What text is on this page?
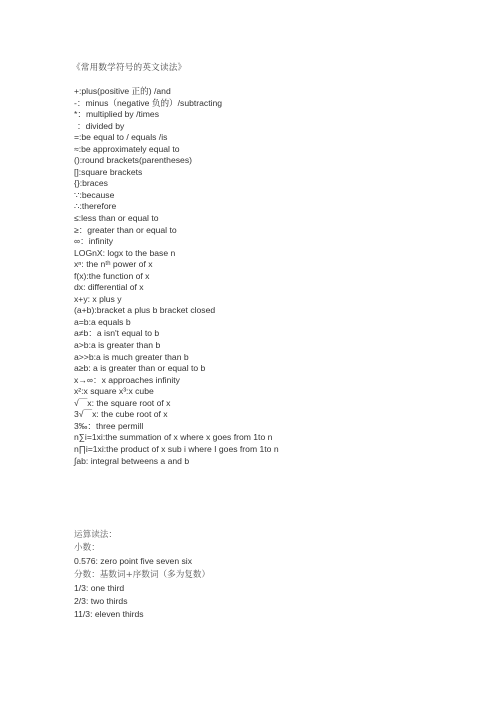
《常用数学符号的英文读法》
+:plus(positive 正的) /and
-：minus（negative 负的）/subtracting
*：multiplied by /times
：divided by
=:be equal to / equals /is
≈:be approximately equal to
():round brackets(parentheses)
[]:square brackets
{}:braces
∵:because
∴:therefore
≤:less than or equal to
≥：greater than or equal to
∞：infinity
LOGnX: logx to the base n
xⁿ: the nᵗʰ power of x
f(x):the function of x
dx: differential of x
x+y: x plus y
(a+b):bracket a plus b bracket closed
a=b:a equals b
a≠b：a isn't equal to b
a>b:a is greater than b
a>>b:a is much greater than b
a≥b: a is greater than or equal to b
x→∞：x approaches infinity
x²:x square x³:x cube
√￣x: the square root of x
3√￣x: the cube root of x
3‰：three permill
n∑i=1xi:the summation of x where x goes from 1to n
n∏i=1xi:the product of x sub i where I goes from 1to n
∫ab: integral betweens a and b
运算读法：
小数：
0.576: zero point five seven six
分数：基数词+序数词（多为复数）
1/3: one third
2/3: two thirds
11/3: eleven thirds
